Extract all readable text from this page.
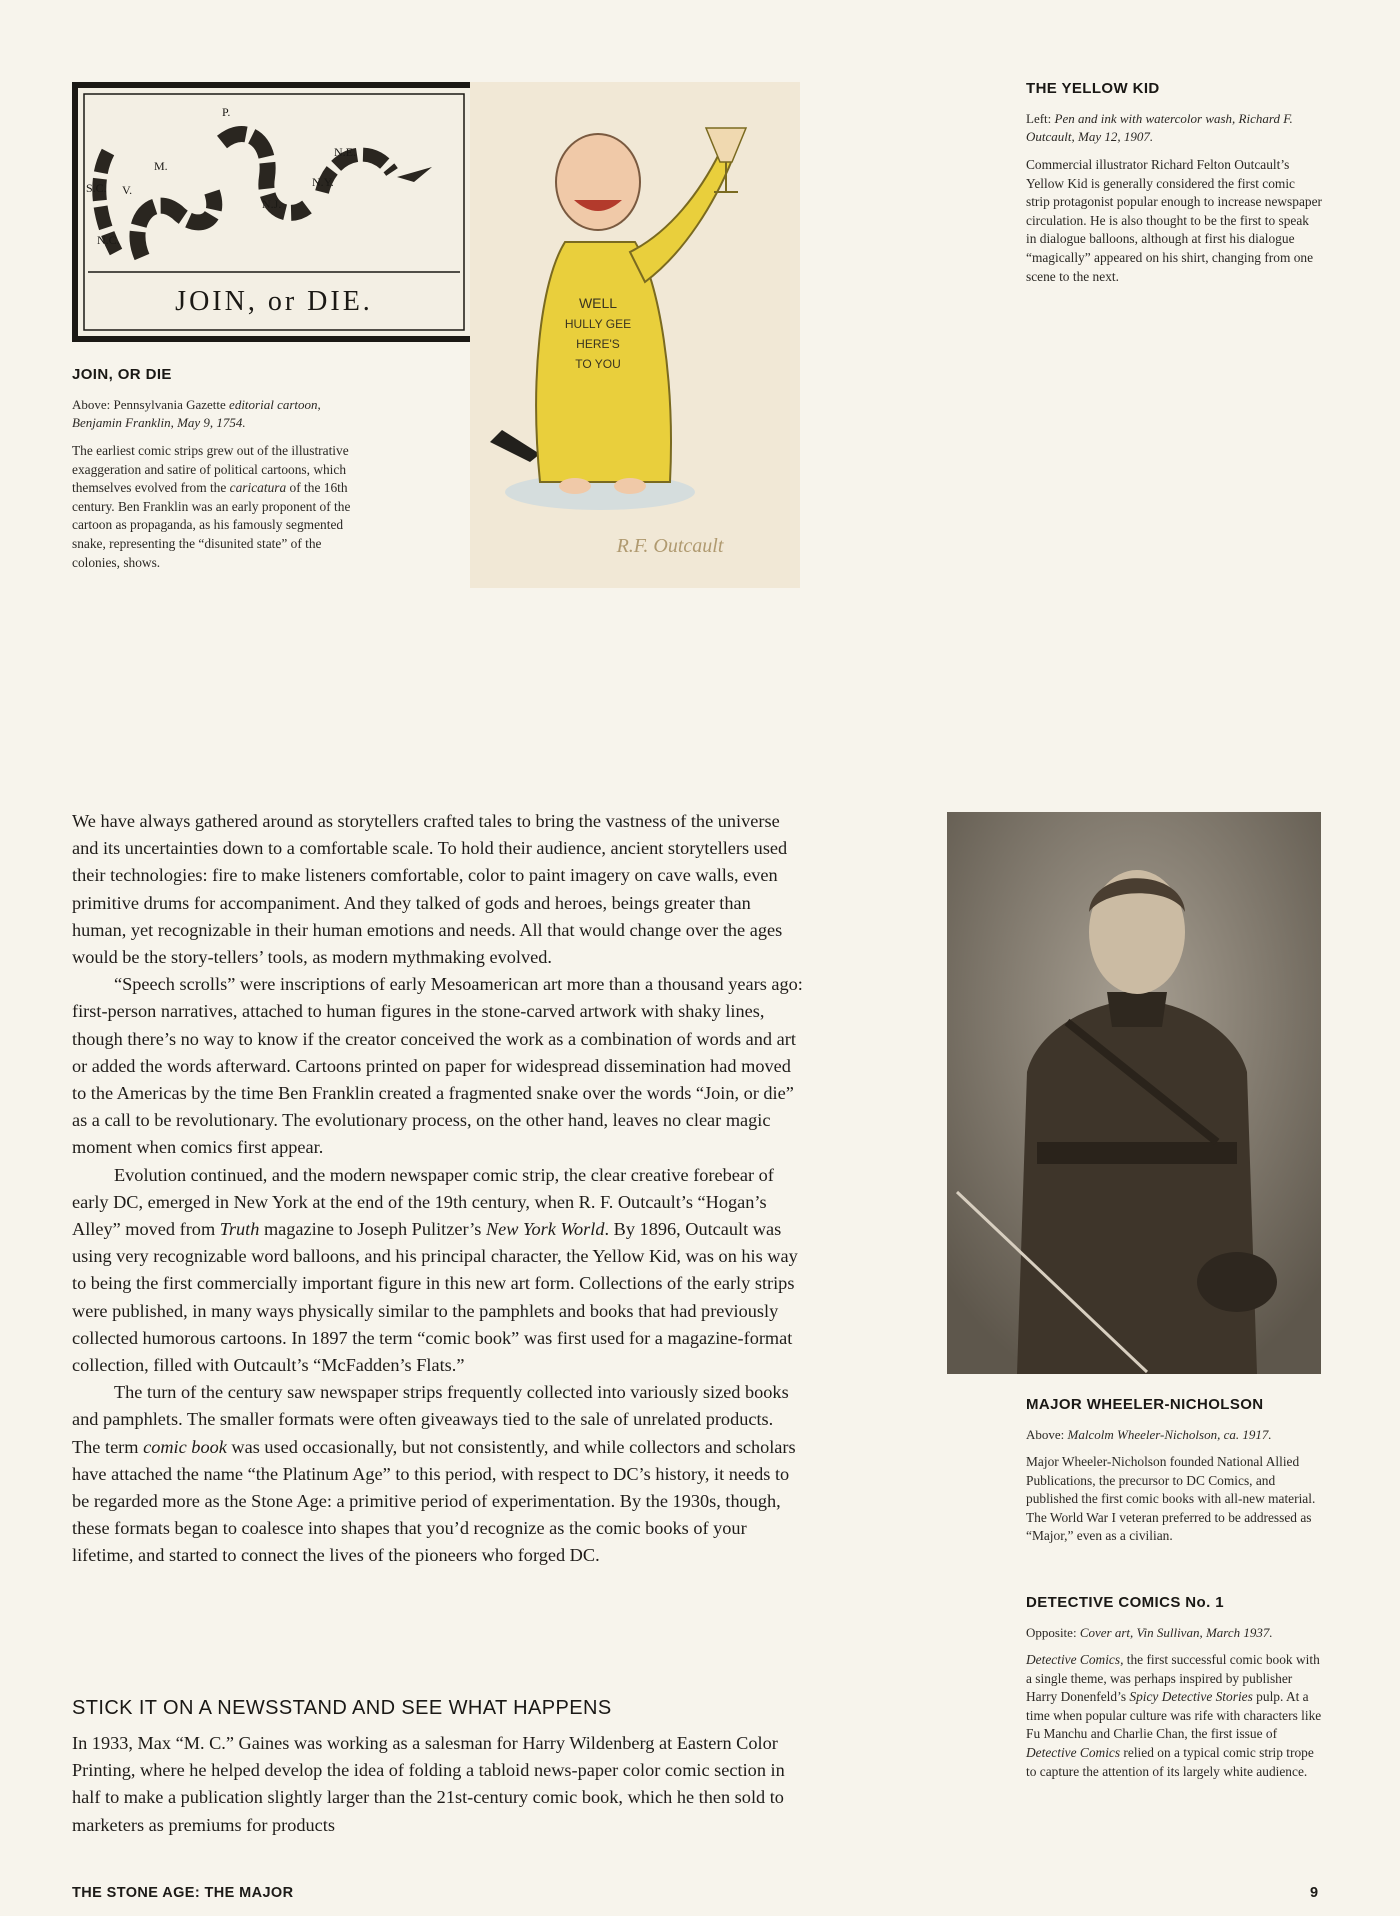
N.C.
S.C. V.
M.
P.
N.J.
N.Y.
N.E.
JOIN, or DIE.
JOIN, OR DIE
Above: Pennsylvania Gazette editorial cartoon, Benjamin Franklin, May 9, 1754.

The earliest comic strips grew out of the illustrative exaggeration and satire of political cartoons, which themselves evolved from the caricatura of the 16th century. Ben Franklin was an early proponent of the cartoon as propaganda, as his famously segmented snake, representing the “disunited state” of the colonies, shows.

WELL
HULLY GEE
HERE'S
TO YOU
R.F. Outcault
THE YELLOW KID
Left: Pen and ink with watercolor wash, Richard F. Outcault, May 12, 1907.

Commercial illustrator Richard Felton Outcault’s Yellow Kid is generally considered the first comic strip protagonist popular enough to increase newspaper circulation. He is also thought to be the first to speak in dialogue balloons, although at first his dialogue “magically” appeared on his shirt, changing from one scene to the next.

We have always gathered around as storytellers crafted tales to bring the vastness of the universe and its uncertainties down to a comfortable scale. To hold their audience, ancient storytellers used their technologies: fire to make listeners comfortable, color to paint imagery on cave walls, even primitive drums for accompaniment. And they talked of gods and heroes, beings greater than human, yet recognizable in their human emotions and needs. All that would change over the ages would be the story-tellers’ tools, as modern mythmaking evolved.

“Speech scrolls” were inscriptions of early Mesoamerican art more than a thousand years ago: first-person narratives, attached to human figures in the stone-carved artwork with shaky lines, though there’s no way to know if the creator conceived the work as a combination of words and art or added the words afterward. Cartoons printed on paper for widespread dissemination had moved to the Americas by the time Ben Franklin created a fragmented snake over the words “Join, or die” as a call to be revolutionary. The evolutionary process, on the other hand, leaves no clear magic moment when comics first appear.

Evolution continued, and the modern newspaper comic strip, the clear creative forebear of early DC, emerged in New York at the end of the 19th century, when R. F. Outcault’s “Hogan’s Alley” moved from Truth magazine to Joseph Pulitzer’s New York World. By 1896, Outcault was using very recognizable word balloons, and his principal character, the Yellow Kid, was on his way to being the first commercially important figure in this new art form. Collections of the early strips were published, in many ways physically similar to the pamphlets and books that had previously collected humorous cartoons. In 1897 the term “comic book” was first used for a magazine-format collection, filled with Outcault’s “McFadden’s Flats.”

The turn of the century saw newspaper strips frequently collected into variously sized books and pamphlets. The smaller formats were often giveaways tied to the sale of unrelated products. The term comic book was used occasionally, but not consistently, and while collectors and scholars have attached the name “the Platinum Age” to this period, with respect to DC’s history, it needs to be regarded more as the Stone Age: a primitive period of experimentation. By the 1930s, though, these formats began to coalesce into shapes that you’d recognize as the comic books of your lifetime, and started to connect the lives of the pioneers who forged DC.

STICK IT ON A NEWSSTAND AND SEE WHAT HAPPENS

In 1933, Max “M. C.” Gaines was working as a salesman for Harry Wildenberg at Eastern Color Printing, where he helped develop the idea of folding a tabloid news-paper color comic section in half to make a publication slightly larger than the 21st-century comic book, which he then sold to marketers as premiums for products

MAJOR WHEELER-NICHOLSON
Above: Malcolm Wheeler-Nicholson, ca. 1917.

Major Wheeler-Nicholson founded National Allied Publications, the precursor to DC Comics, and published the first comic books with all-new material. The World War I veteran preferred to be addressed as “Major,” even as a civilian.

DETECTIVE COMICS No. 1
Opposite: Cover art, Vin Sullivan, March 1937.

Detective Comics, the first successful comic book with a single theme, was perhaps inspired by publisher Harry Donenfeld’s Spicy Detective Stories pulp. At a time when popular culture was rife with characters like Fu Manchu and Charlie Chan, the first issue of Detective Comics relied on a typical comic strip trope to capture the attention of its largely white audience.

THE STONE AGE: THE MAJOR	9
